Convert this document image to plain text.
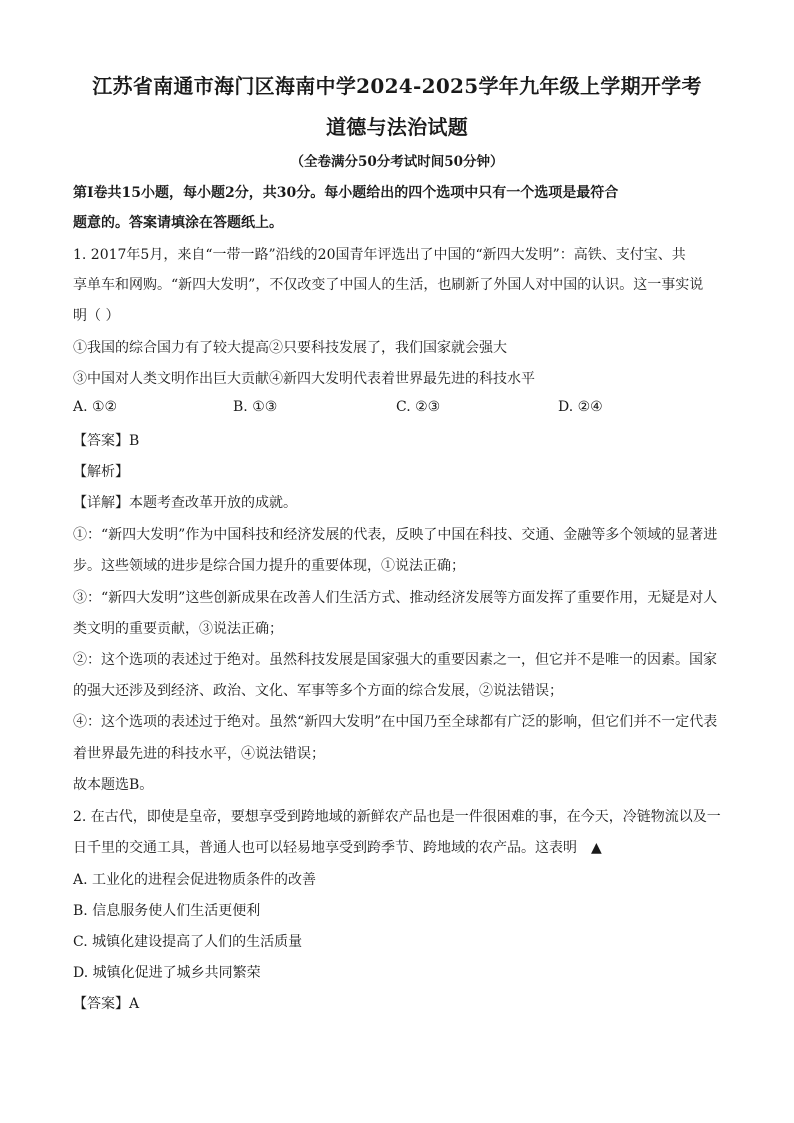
江苏省南通市海门区海南中学2024-2025学年九年级上学期开学考
道德与法治试题
（全卷满分50分考试时间50分钟）
第Ⅰ卷共15小题，每小题2分，共30分。每小题给出的四个选项中只有一个选项是最符合
题意的。答案请填涂在答题纸上。
1. 2017年5月，来自“一带一路”沿线的20国青年评选出了中国的“新四大发明”：高铁、支付宝、共
享单车和网购。“新四大发明”，不仅改变了中国人的生活，也刷新了外国人对中国的认识。这一事实说
明（ ）
①我国的综合国力有了较大提高②只要科技发展了，我们国家就会强大
③中国对人类文明作出巨大贡献④新四大发明代表着世界最先进的科技水平
A. ①②	B. ①③	C. ②③	D. ②④
【答案】B
【解析】
【详解】本题考查改革开放的成就。
①：“新四大发明”作为中国科技和经济发展的代表，反映了中国在科技、交通、金融等多个领域的显著进
步。这些领域的进步是综合国力提升的重要体现，①说法正确；
③：“新四大发明”这些创新成果在改善人们生活方式、推动经济发展等方面发挥了重要作用，无疑是对人
类文明的重要贡献，③说法正确；
②：这个选项的表述过于绝对。虽然科技发展是国家强大的重要因素之一，但它并不是唯一的因素。国家
的强大还涉及到经济、政治、文化、军事等多个方面的综合发展，②说法错误；
④：这个选项的表述过于绝对。虽然“新四大发明”在中国乃至全球都有广泛的影响，但它们并不一定代表
着世界最先进的科技水平，④说法错误；
故本题选B。
2. 在古代，即使是皇帝，要想享受到跨地域的新鲜农产品也是一件很困难的事，在今天，冷链物流以及一
日千里的交通工具，普通人也可以轻易地享受到跨季节、跨地域的农产品。这表明 ▲
A. 工业化的进程会促进物质条件的改善
B. 信息服务使人们生活更便利
C. 城镇化建设提高了人们的生活质量
D. 城镇化促进了城乡共同繁荣
【答案】A
